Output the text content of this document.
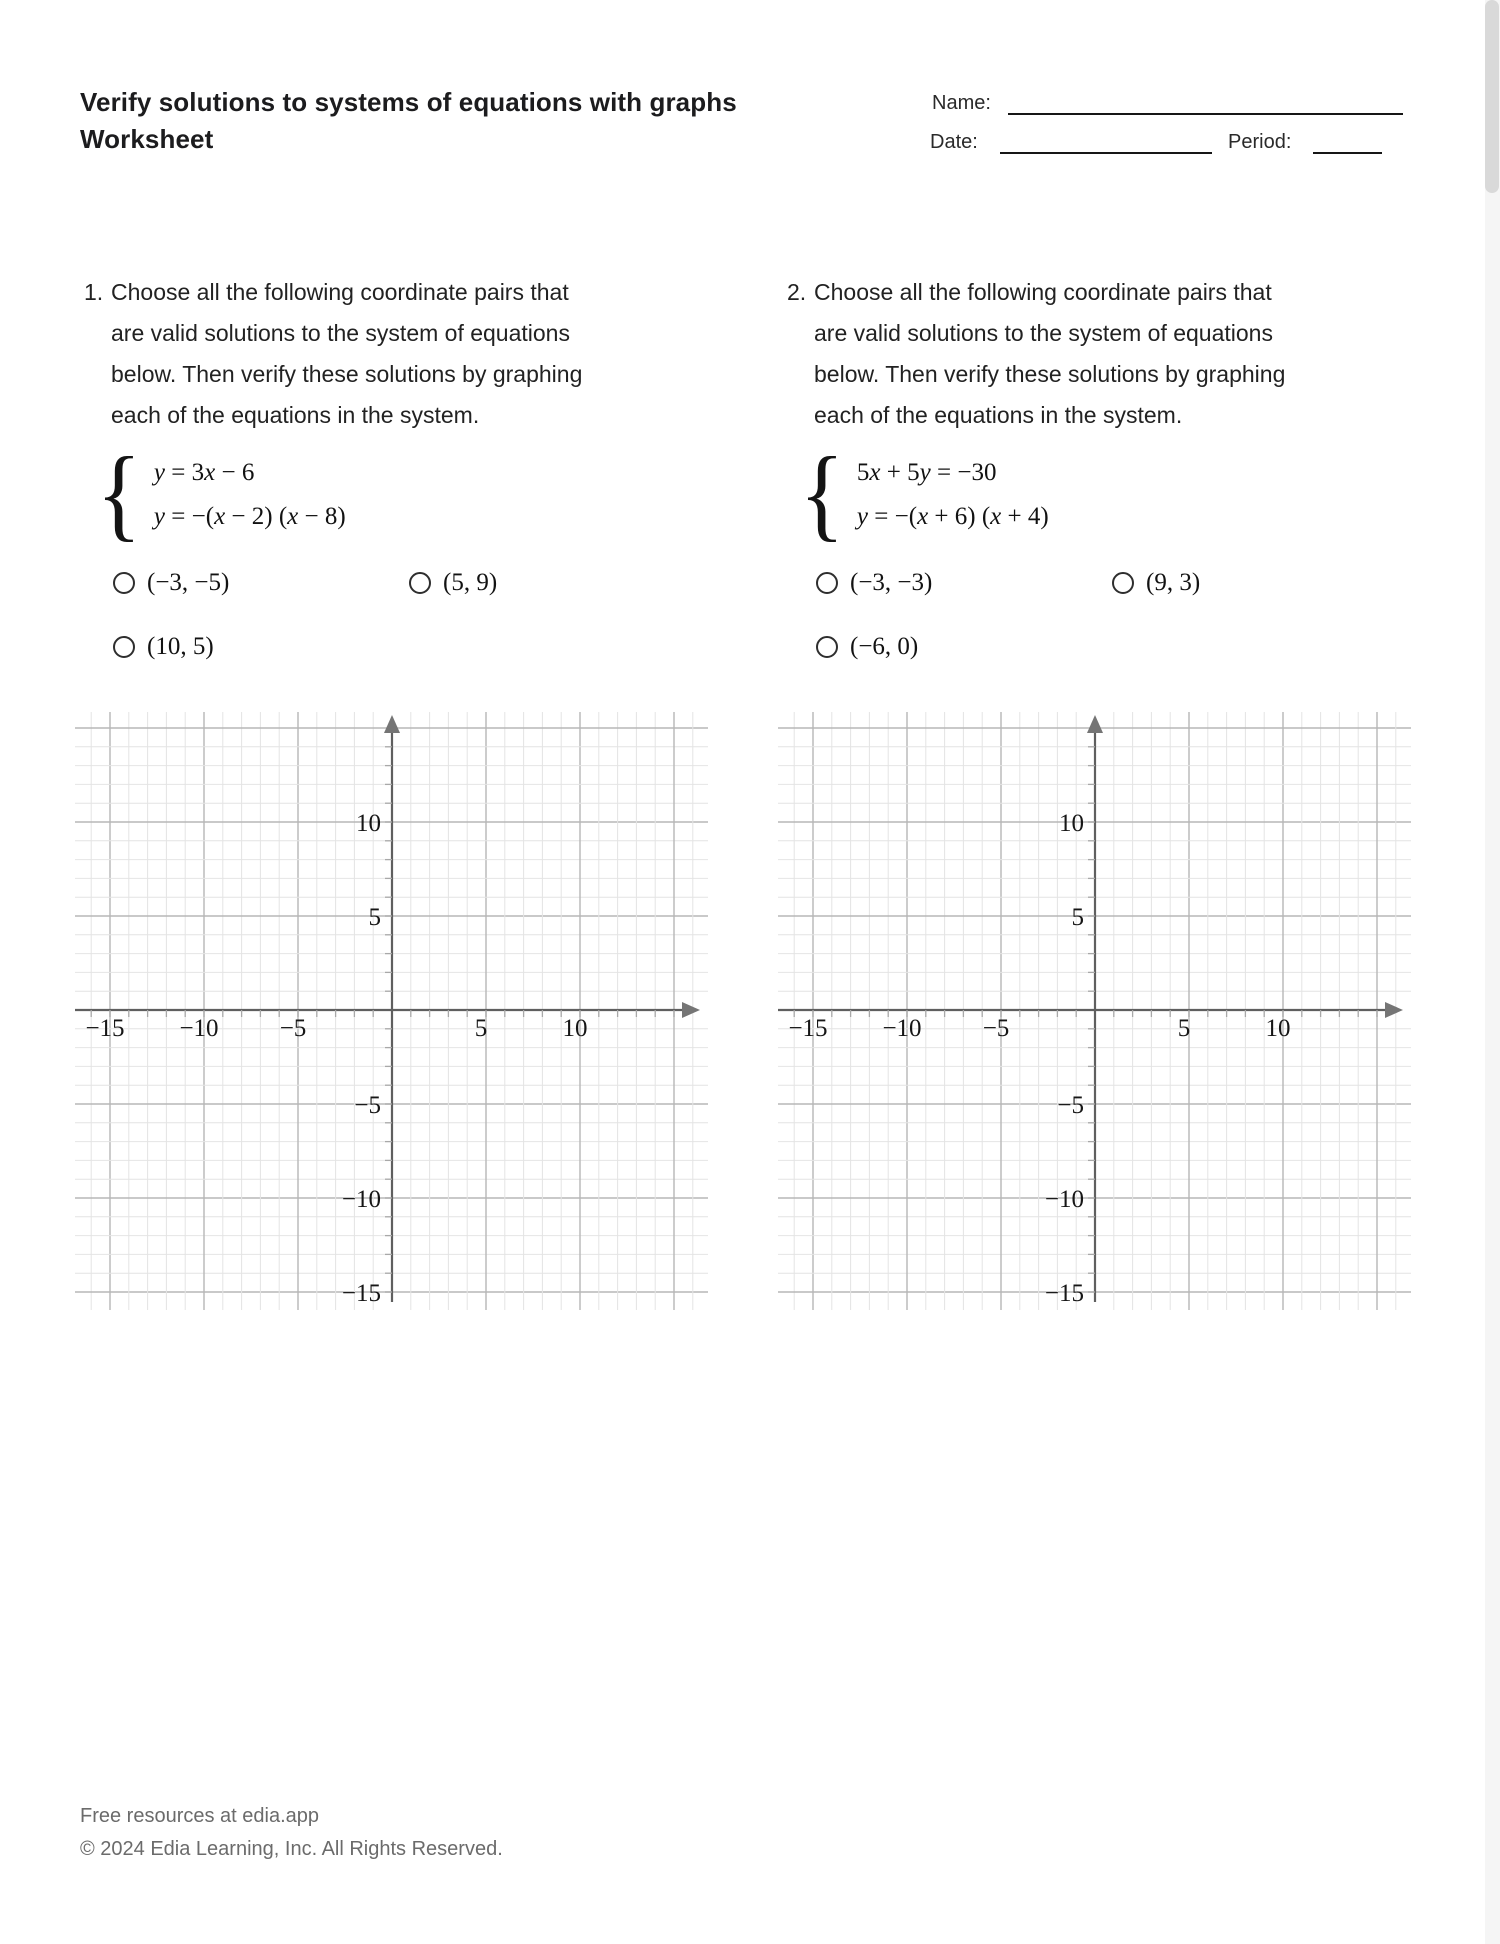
Verify solutions to systems of equations with graphs
Worksheet
Name:
Date:	Period:
1. Choose all the following coordinate pairs that
are valid solutions to the system of equations
below. Then verify these solutions by graphing
each of the equations in the system.
{ y = 3x − 6
y = −(x − 2) (x − 8)
(−3, −5)	(5, 9)
(10, 5)
−15 −10 −5	5	10
10
5
−5
−10
−15
2. Choose all the following coordinate pairs that
are valid solutions to the system of equations
below. Then verify these solutions by graphing
each of the equations in the system.
{ 5x + 5y = −30
y = −(x + 6) (x + 4)
(−3, −3)	(9, 3)
(−6, 0)
−15 −10 −5	5	10
10
5
−5
−10
−15
Free resources at edia.app
© 2024 Edia Learning, Inc. All Rights Reserved.
